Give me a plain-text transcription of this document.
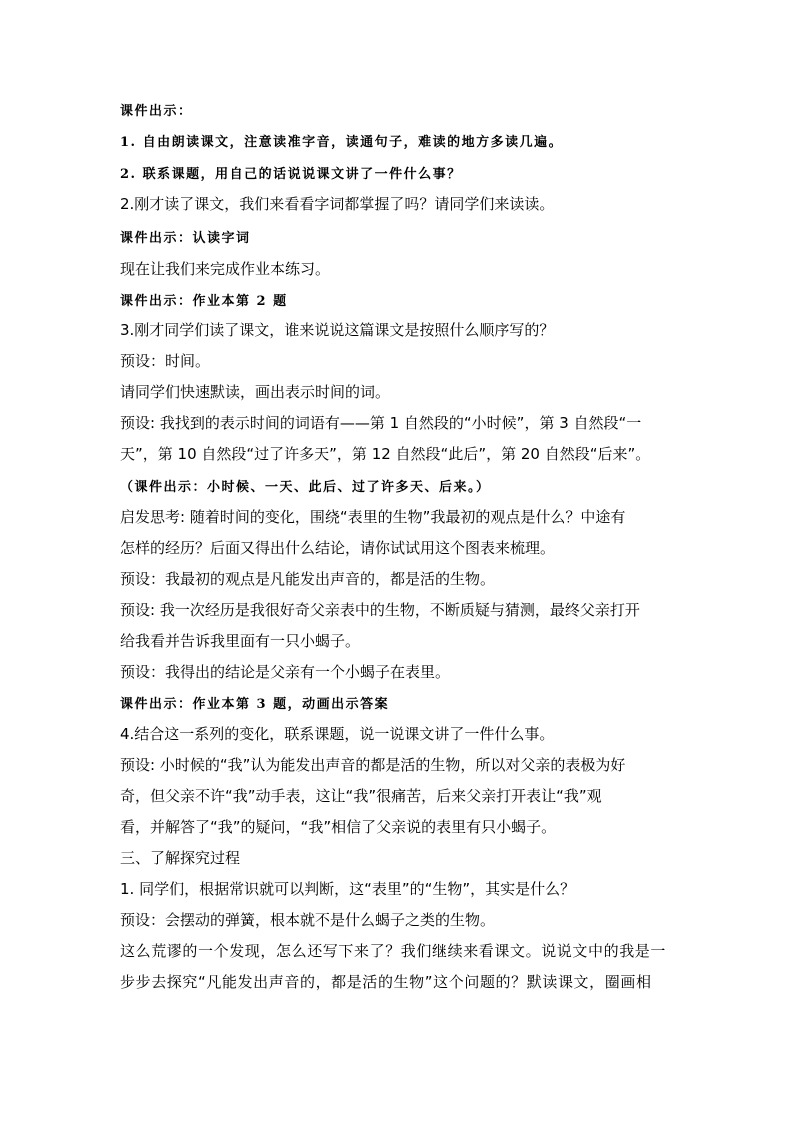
课件出示：
1. 自由朗读课文，注意读准字音，读通句子，难读的地方多读几遍。
2. 联系课题，用自己的话说说课文讲了一件什么事？
2.刚才读了课文，我们来看看字词都掌握了吗？请同学们来读读。
课件出示：认读字词
现在让我们来完成作业本练习。
课件出示：作业本第 2 题
3.刚才同学们读了课文，谁来说说这篇课文是按照什么顺序写的？
预设：时间。
请同学们快速默读，画出表示时间的词。
预设: 我找到的表示时间的词语有——第 1 自然段的“小时候”，第 3 自然段“一
天”，第 10 自然段“过了许多天”，第 12 自然段“此后”，第 20 自然段“后来”。
（课件出示：小时候、一天、此后、过了许多天、后来。）
启发思考: 随着时间的变化，围绕“表里的生物”我最初的观点是什么？中途有
怎样的经历？后面又得出什么结论，请你试试用这个图表来梳理。
预设：我最初的观点是凡能发出声音的，都是活的生物。
预设: 我一次经历是我很好奇父亲表中的生物，不断质疑与猜测，最终父亲打开
给我看并告诉我里面有一只小蝎子。
预设：我得出的结论是父亲有一个小蝎子在表里。
课件出示：作业本第 3 题，动画出示答案
4.结合这一系列的变化，联系课题，说一说课文讲了一件什么事。
预设: 小时候的“我”认为能发出声音的都是活的生物，所以对父亲的表极为好
奇，但父亲不许“我”动手表，这让“我”很痛苦，后来父亲打开表让“我”观
看，并解答了“我”的疑问，“我”相信了父亲说的表里有只小蝎子。
三、了解探究过程
1. 同学们，根据常识就可以判断，这“表里”的“生物”，其实是什么？
预设：会摆动的弹簧，根本就不是什么蝎子之类的生物。
这么荒谬的一个发现，怎么还写下来了？我们继续来看课文。说说文中的我是一
步步去探究“凡能发出声音的，都是活的生物”这个问题的？默读课文，圈画相
